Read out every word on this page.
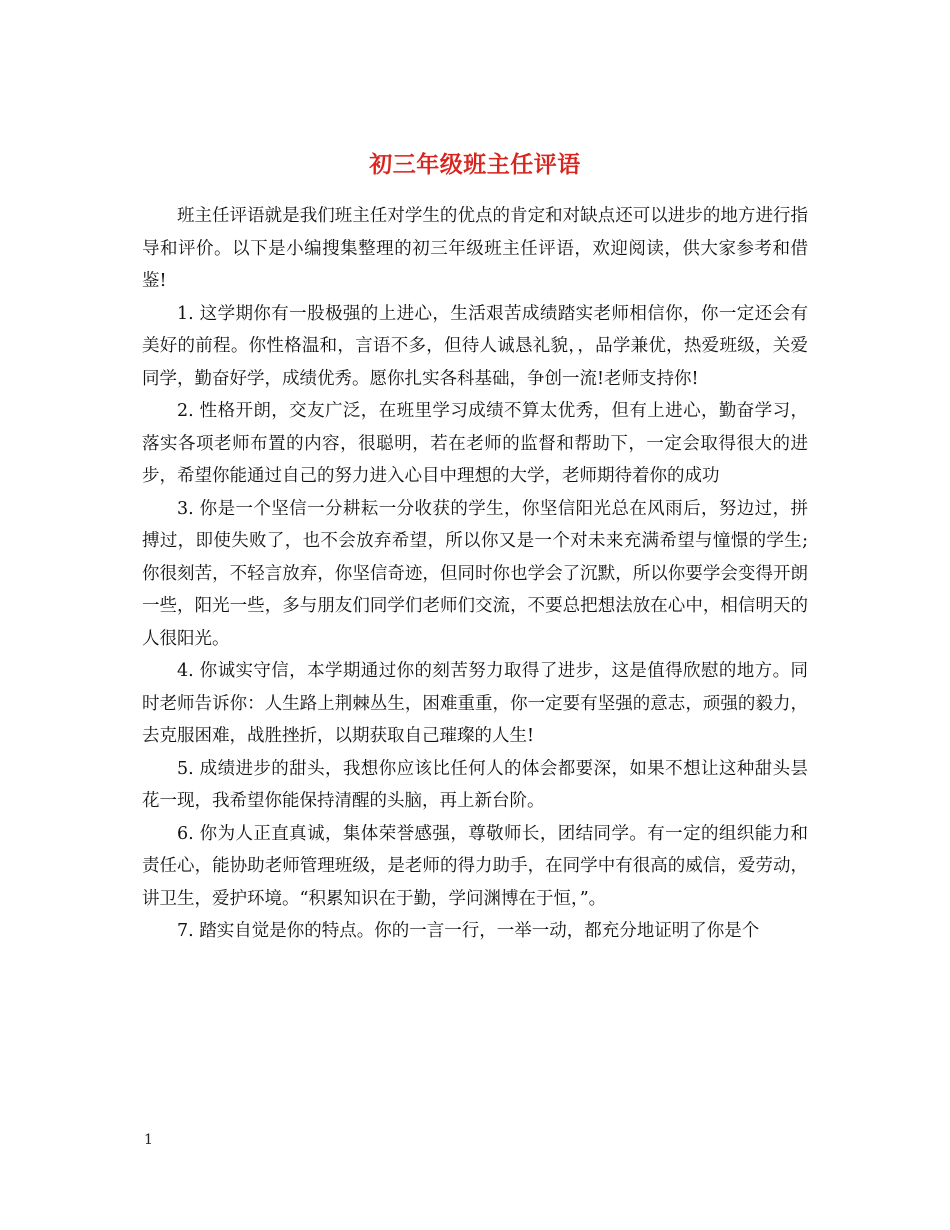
初三年级班主任评语

班主任评语就是我们班主任对学生的优点的肯定和对缺点还可以进步的地方进行指导和评价。以下是小编搜集整理的初三年级班主任评语，欢迎阅读，供大家参考和借鉴!

1. 这学期你有一股极强的上进心，生活艰苦成绩踏实老师相信你，你一定还会有美好的前程。你性格温和，言语不多，但待人诚恳礼貌，，品学兼优，热爱班级，关爱同学，勤奋好学，成绩优秀。愿你扎实各科基础，争创一流!老师支持你!

2. 性格开朗，交友广泛，在班里学习成绩不算太优秀，但有上进心，勤奋学习，落实各项老师布置的内容，很聪明，若在老师的监督和帮助下，一定会取得很大的进步，希望你能通过自己的努力进入心目中理想的大学，老师期待着你的成功

3. 你是一个坚信一分耕耘一分收获的学生，你坚信阳光总在风雨后，努边过，拼搏过，即使失败了，也不会放弃希望，所以你又是一个对未来充满希望与憧憬的学生;你很刻苦，不轻言放弃，你坚信奇迹，但同时你也学会了沉默，所以你要学会变得开朗一些，阳光一些，多与朋友们同学们老师们交流，不要总把想法放在心中，相信明天的人很阳光。

4. 你诚实守信，本学期通过你的刻苦努力取得了进步，这是值得欣慰的地方。同时老师告诉你：人生路上荆棘丛生，困难重重，你一定要有坚强的意志，顽强的毅力，去克服困难，战胜挫折，以期获取自己璀璨的人生!

5. 成绩进步的甜头，我想你应该比任何人的体会都要深，如果不想让这种甜头昙花一现，我希望你能保持清醒的头脑，再上新台阶。

6. 你为人正直真诚，集体荣誉感强，尊敬师长，团结同学。有一定的组织能力和责任心，能协助老师管理班级，是老师的得力助手，在同学中有很高的威信，爱劳动，讲卫生，爱护环境。“积累知识在于勤，学问渊博在于恒，”。

7. 踏实自觉是你的特点。你的一言一行，一举一动，都充分地证明了你是个

1
